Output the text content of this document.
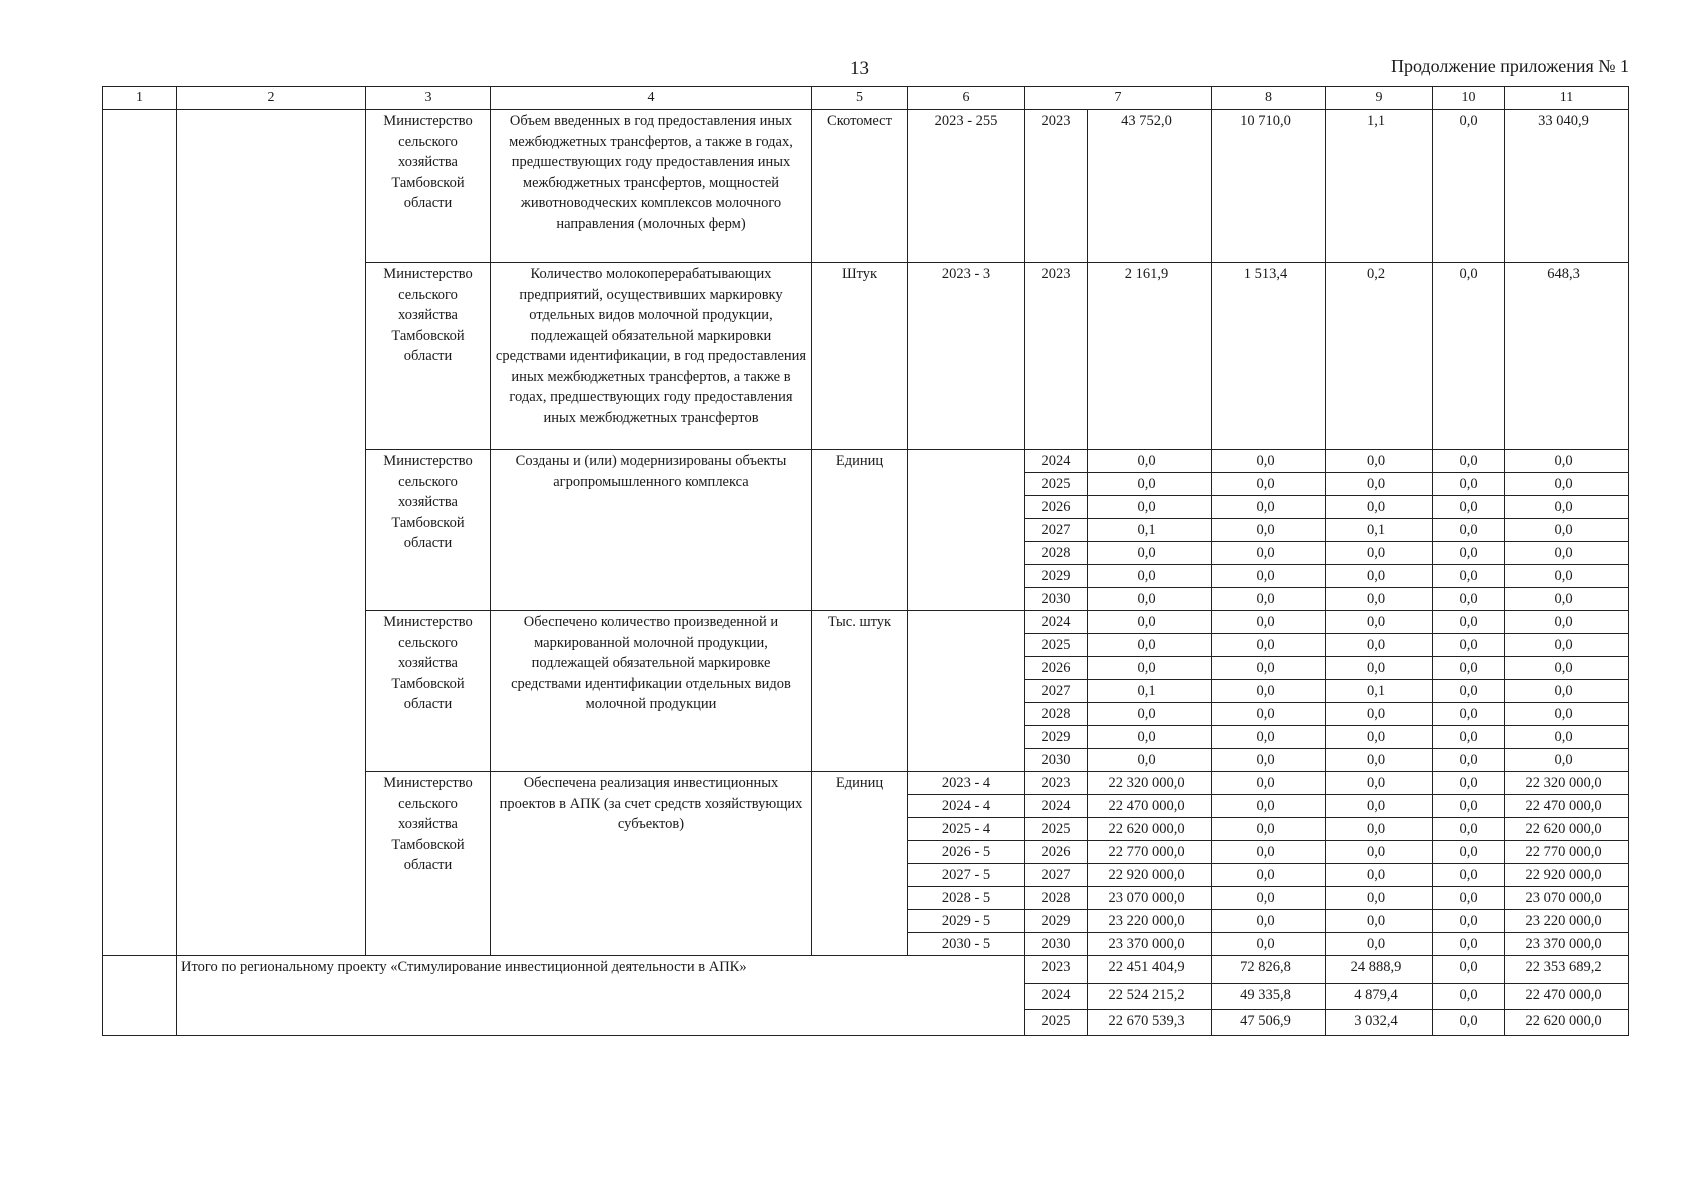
13	Продолжение приложения № 1
1	2	3	4	5	6	7		8	9	10	11
		Министерство сельского хозяйства Тамбовской области	Объем введенных в год предоставления иных межбюджетных трансфертов, а также в годах, предшествующих году предоставления иных межбюджетных трансфертов, мощностей животноводческих комплексов молочного направления (молочных ферм)	Скотомест	2023 - 255	2023	43 752,0	10 710,0	1,1	0,0	33 040,9
		Министерство сельского хозяйства Тамбовской области	Количество молокоперерабатывающих предприятий, осуществивших маркировку отдельных видов молочной продукции, подлежащей обязательной маркировки средствами идентификации, в год предоставления иных межбюджетных трансфертов, а также в годах, предшествующих году предоставления иных межбюджетных трансфертов	Штук	2023 - 3	2023	2 161,9	1 513,4	0,2	0,0	648,3
		Министерство сельского хозяйства Тамбовской области	Созданы и (или) модернизированы объекты агропромышленного комплекса	Единиц		2024	0,0	0,0	0,0	0,0	0,0
						2025	0,0	0,0	0,0	0,0	0,0
						2026	0,0	0,0	0,0	0,0	0,0
						2027	0,1	0,0	0,1	0,0	0,0
						2028	0,0	0,0	0,0	0,0	0,0
						2029	0,0	0,0	0,0	0,0	0,0
						2030	0,0	0,0	0,0	0,0	0,0
		Министерство сельского хозяйства Тамбовской области	Обеспечено количество произведенной и маркированной молочной продукции, подлежащей обязательной маркировке средствами идентификации отдельных видов молочной продукции	Тыс. штук		2024	0,0	0,0	0,0	0,0	0,0
						2025	0,0	0,0	0,0	0,0	0,0
						2026	0,0	0,0	0,0	0,0	0,0
						2027	0,1	0,0	0,1	0,0	0,0
						2028	0,0	0,0	0,0	0,0	0,0
						2029	0,0	0,0	0,0	0,0	0,0
						2030	0,0	0,0	0,0	0,0	0,0
		Министерство сельского хозяйства Тамбовской области	Обеспечена реализация инвестиционных проектов в АПК (за счет средств хозяйствующих субъектов)	Единиц	2023 - 4	2023	22 320 000,0	0,0	0,0	0,0	22 320 000,0
					2024 - 4	2024	22 470 000,0	0,0	0,0	0,0	22 470 000,0
					2025 - 4	2025	22 620 000,0	0,0	0,0	0,0	22 620 000,0
					2026 - 5	2026	22 770 000,0	0,0	0,0	0,0	22 770 000,0
					2027 - 5	2027	22 920 000,0	0,0	0,0	0,0	22 920 000,0
					2028 - 5	2028	23 070 000,0	0,0	0,0	0,0	23 070 000,0
					2029 - 5	2029	23 220 000,0	0,0	0,0	0,0	23 220 000,0
					2030 - 5	2030	23 370 000,0	0,0	0,0	0,0	23 370 000,0
	Итого по региональному проекту «Стимулирование инвестиционной деятельности в АПК»					2023	22 451 404,9	72 826,8	24 888,9	0,0	22 353 689,2
						2024	22 524 215,2	49 335,8	4 879,4	0,0	22 470 000,0
						2025	22 670 539,3	47 506,9	3 032,4	0,0	22 620 000,0
